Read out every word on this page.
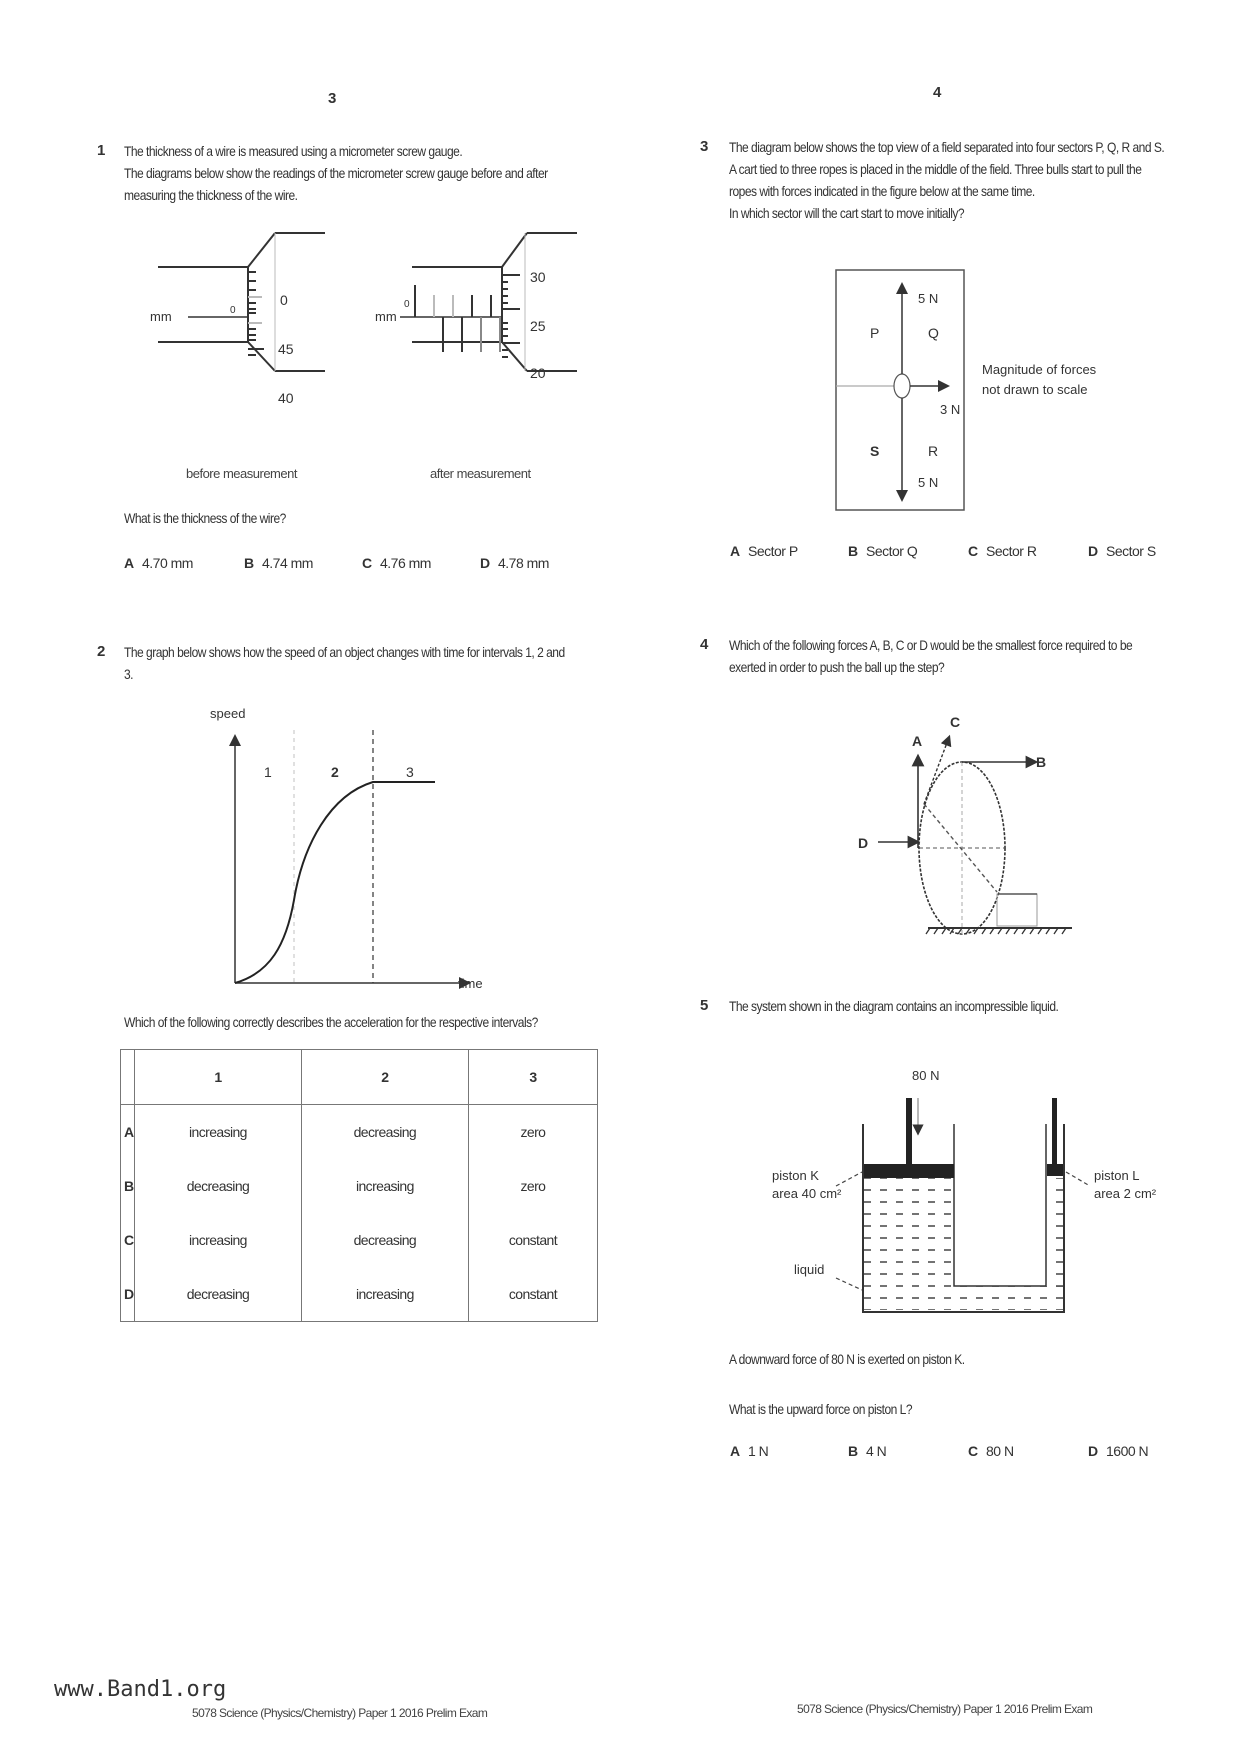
3
1 The thickness of a wire is measured using a micrometer screw gauge.
The diagrams below show the readings of the micrometer screw gauge before and after
measuring the thickness of the wire.
mm	0
0
45
40
mm
0
30
25
20
before measurement	after measurement
What is the thickness of the wire?
A 4.70 mm	B 4.74 mm	C 4.76 mm	D 4.78 mm
2 The graph below shows how the speed of an object changes with time for intervals 1, 2 and
3.
speed
time
1	2	3
Which of the following correctly describes the acceleration for the respective intervals?
	1	2	3
A	increasing	decreasing	zero
B	decreasing	increasing	zero
C	increasing	decreasing	constant
D	decreasing	increasing	constant
www.Band1.org
5078 Science (Physics/Chemistry) Paper 1 2016 Prelim Exam
4
3 The diagram below shows the top view of a field separated into four sectors P, Q, R and S.
A cart tied to three ropes is placed in the middle of the field. Three bulls start to pull the
ropes with forces indicated in the figure below at the same time.
In which sector will the cart start to move initially?
5 N
3 N
5 N
P	Q
S	R
Magnitude of forces
not drawn to scale
A Sector P	B Sector Q	C Sector R	D Sector S
4 Which of the following forces A, B, C or D would be the smallest force required to be
exerted in order to push the ball up the step?
A
B
C
D
5 The system shown in the diagram contains an incompressible liquid.
80 N
piston K
area 40 cm²
piston L
area 2 cm²
liquid
A downward force of 80 N is exerted on piston K.
What is the upward force on piston L?
A 1 N	B 4 N	C 80 N	D 1600 N
5078 Science (Physics/Chemistry) Paper 1 2016 Prelim Exam
